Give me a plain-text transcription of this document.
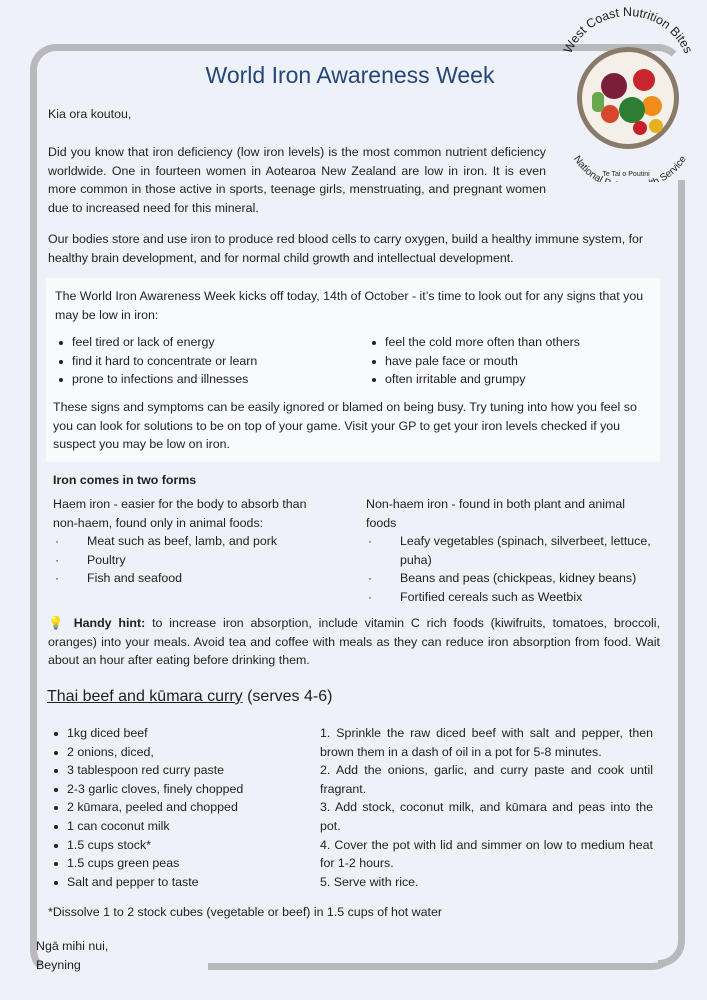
West Coast Nutrition Bites
National h Service
Te Tai o Poutini
World Iron Awareness Week
Kia ora koutou,
Did you know that iron deficiency (low iron levels) is the most common nutrient deficiency worldwide. One in fourteen women in Aotearoa New Zealand are low in iron. It is even more common in those active in sports, teenage girls, menstruating, and pregnant women due to increased need for this mineral.
Our bodies store and use iron to produce red blood cells to carry oxygen, build a healthy immune system, for healthy brain development, and for normal child growth and intellectual development.
The World Iron Awareness Week kicks off today, 14th of October - it’s time to look out for any signs that you may be low in iron:
feel tired or lack of energy
find it hard to concentrate or learn
prone to infections and illnesses
feel the cold more often than others
have pale face or mouth
often irritable and grumpy
These signs and symptoms can be easily ignored or blamed on being busy. Try tuning into how you feel so you can look for solutions to be on top of your game. Visit your GP to get your iron levels checked if you suspect you may be low on iron.
Iron comes in two forms
Haem iron - easier for the body to absorb than non-haem, found only in animal foods:
· Meat such as beef, lamb, and pork
· Poultry
· Fish and seafood
Non-haem iron - found in both plant and animal foods
· Leafy vegetables (spinach, silverbeet, lettuce, puha)
· Beans and peas (chickpeas, kidney beans)
· Fortified cereals such as Weetbix
💡 Handy hint: to increase iron absorption, include vitamin C rich foods (kiwifruits, tomatoes, broccoli, oranges) into your meals. Avoid tea and coffee with meals as they can reduce iron absorption from food. Wait about an hour after eating before drinking them.
Thai beef and kūmara curry (serves 4-6)
1kg diced beef
2 onions, diced,
3 tablespoon red curry paste
2-3 garlic cloves, finely chopped
2 kūmara, peeled and chopped
1 can coconut milk
1.5 cups stock*
1.5 cups green peas
Salt and pepper to taste
1. Sprinkle the raw diced beef with salt and pepper, then brown them in a dash of oil in a pot for 5-8 minutes.
2. Add the onions, garlic, and curry paste and cook until fragrant.
3. Add stock, coconut milk, and kūmara and peas into the pot.
4. Cover the pot with lid and simmer on low to medium heat for 1-2 hours.
5. Serve with rice.
*Dissolve 1 to 2 stock cubes (vegetable or beef) in 1.5 cups of hot water
Ngā mihi nui,
Beyning
